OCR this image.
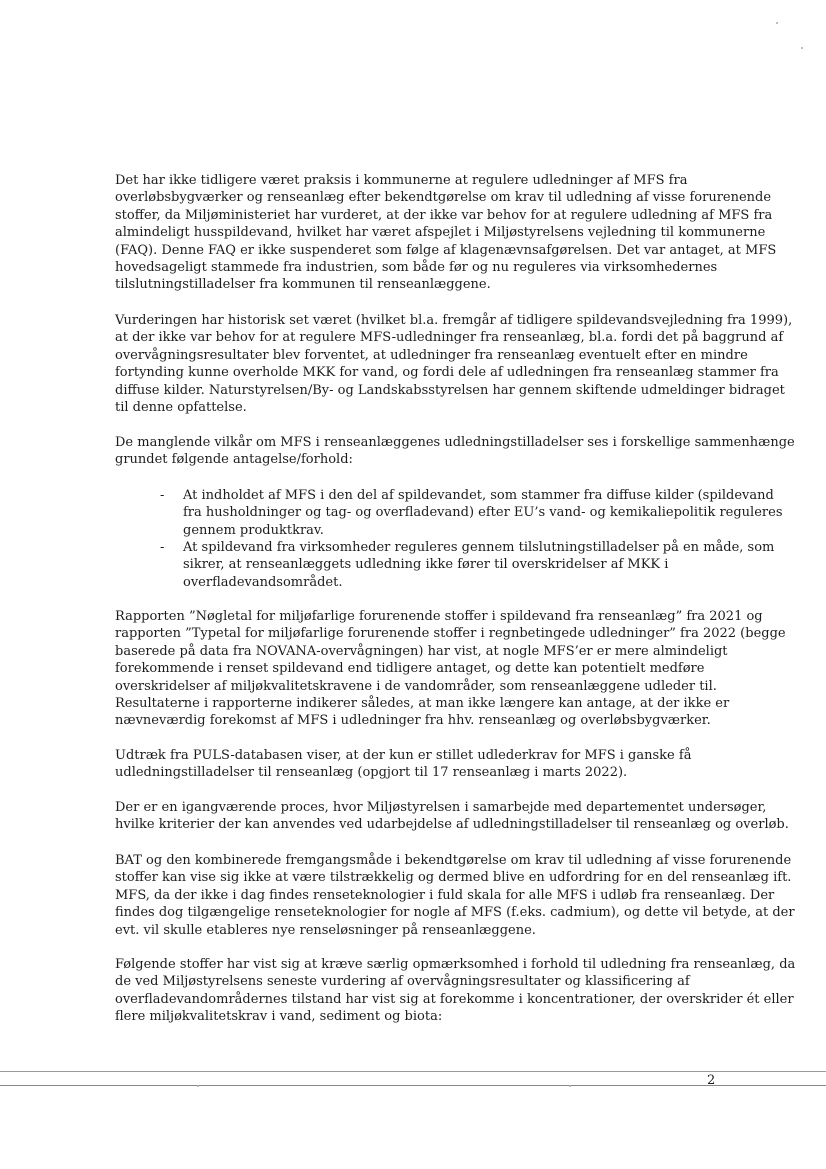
Det har ikke tidligere været praksis i kommunerne at regulere udledninger af MFS fra
overløbsbygværker og renseanlæg efter bekendtgørelse om krav til udledning af visse forurenende
stoffer, da Miljøministeriet har vurderet, at der ikke var behov for at regulere udledning af MFS fra
almindeligt husspildevand, hvilket har været afspejlet i Miljøstyrelsens vejledning til kommunerne
(FAQ). Denne FAQ er ikke suspenderet som følge af klagenævnsafgørelsen. Det var antaget, at MFS
hovedsageligt stammede fra industrien, som både før og nu reguleres via virksomhedernes
tilslutningstilladelser fra kommunen til renseanlæggene.
Vurderingen har historisk set været (hvilket bl.a. fremgår af tidligere spildevandsvejledning fra 1999),
at der ikke var behov for at regulere MFS-udledninger fra renseanlæg, bl.a. fordi det på baggrund af
overvågningsresultater blev forventet, at udledninger fra renseanlæg eventuelt efter en mindre
fortynding kunne overholde MKK for vand, og fordi dele af udledningen fra renseanlæg stammer fra
diffuse kilder. Naturstyrelsen/By- og Landskabsstyrelsen har gennem skiftende udmeldinger bidraget
til denne opfattelse.
De manglende vilkår om MFS i renseanlæggenes udledningstilladelser ses i forskellige sammenhænge
grundet følgende antagelse/forhold:
- At indholdet af MFS i den del af spildevandet, som stammer fra diffuse kilder (spildevand
fra husholdninger og tag- og overfladevand) efter EU’s vand- og kemikaliepolitik reguleres
gennem produktkrav.
- At spildevand fra virksomheder reguleres gennem tilslutningstilladelser på en måde, som
sikrer, at renseanlæggets udledning ikke fører til overskridelser af MKK i
overfladevandsområdet.
Rapporten ”Nøgletal for miljøfarlige forurenende stoffer i spildevand fra renseanlæg” fra 2021 og
rapporten ”Typetal for miljøfarlige forurenende stoffer i regnbetingede udledninger” fra 2022 (begge
baserede på data fra NOVANA-overvågningen) har vist, at nogle MFS’er er mere almindeligt
forekommende i renset spildevand end tidligere antaget, og dette kan potentielt medføre
overskridelser af miljøkvalitetskravene i de vandområder, som renseanlæggene udleder til.
Resultaterne i rapporterne indikerer således, at man ikke længere kan antage, at der ikke er
nævneværdig forekomst af MFS i udledninger fra hhv. renseanlæg og overløbsbygværker.
Udtræk fra PULS-databasen viser, at der kun er stillet udlederkrav for MFS i ganske få
udledningstilladelser til renseanlæg (opgjort til 17 renseanlæg i marts 2022).
Der er en igangværende proces, hvor Miljøstyrelsen i samarbejde med departementet undersøger,
hvilke kriterier der kan anvendes ved udarbejdelse af udledningstilladelser til renseanlæg og overløb.
BAT og den kombinerede fremgangsmåde i bekendtgørelse om krav til udledning af visse forurenende
stoffer kan vise sig ikke at være tilstrækkelig og dermed blive en udfordring for en del renseanlæg ift.
MFS, da der ikke i dag findes renseteknologier i fuld skala for alle MFS i udløb fra renseanlæg. Der
findes dog tilgængelige renseteknologier for nogle af MFS (f.eks. cadmium), og dette vil betyde, at der
evt. vil skulle etableres nye renseløsninger på renseanlæggene.
Følgende stoffer har vist sig at kræve særlig opmærksomhed i forhold til udledning fra renseanlæg, da
de ved Miljøstyrelsens seneste vurdering af overvågningsresultater og klassificering af
overfladevandområdernes tilstand har vist sig at forekomme i koncentrationer, der overskrider ét eller
flere miljøkvalitetskrav i vand, sediment og biota:
2
